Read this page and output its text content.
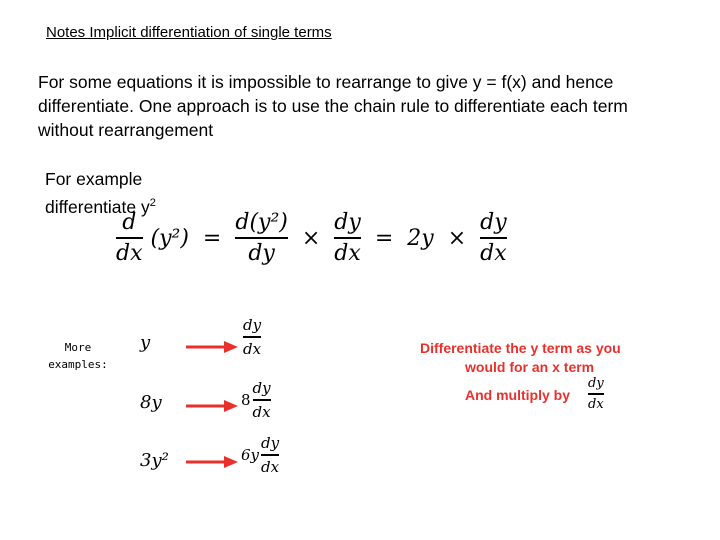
Notes Implicit differentiation of single terms
For some equations it is impossible to rearrange to give y = f(x) and hence differentiate. One approach is to use the chain rule to differentiate each term without rearrangement
For example
differentiate $y^2$
$\frac{d}{dx} (y^2) = \frac{\text{d(y²)}}{dy} \times \frac{dy}{dx} = 2y \times \frac{dy}{dx}$
More examples:
y	$\frac{dy}{dx}$
8y	$8 \frac{dy}{dx}$
3y²	$6y \frac{dy}{dx}$
Differentiate the y term as you
would for an x term
And multiply by $\frac{dy}{dx}$
